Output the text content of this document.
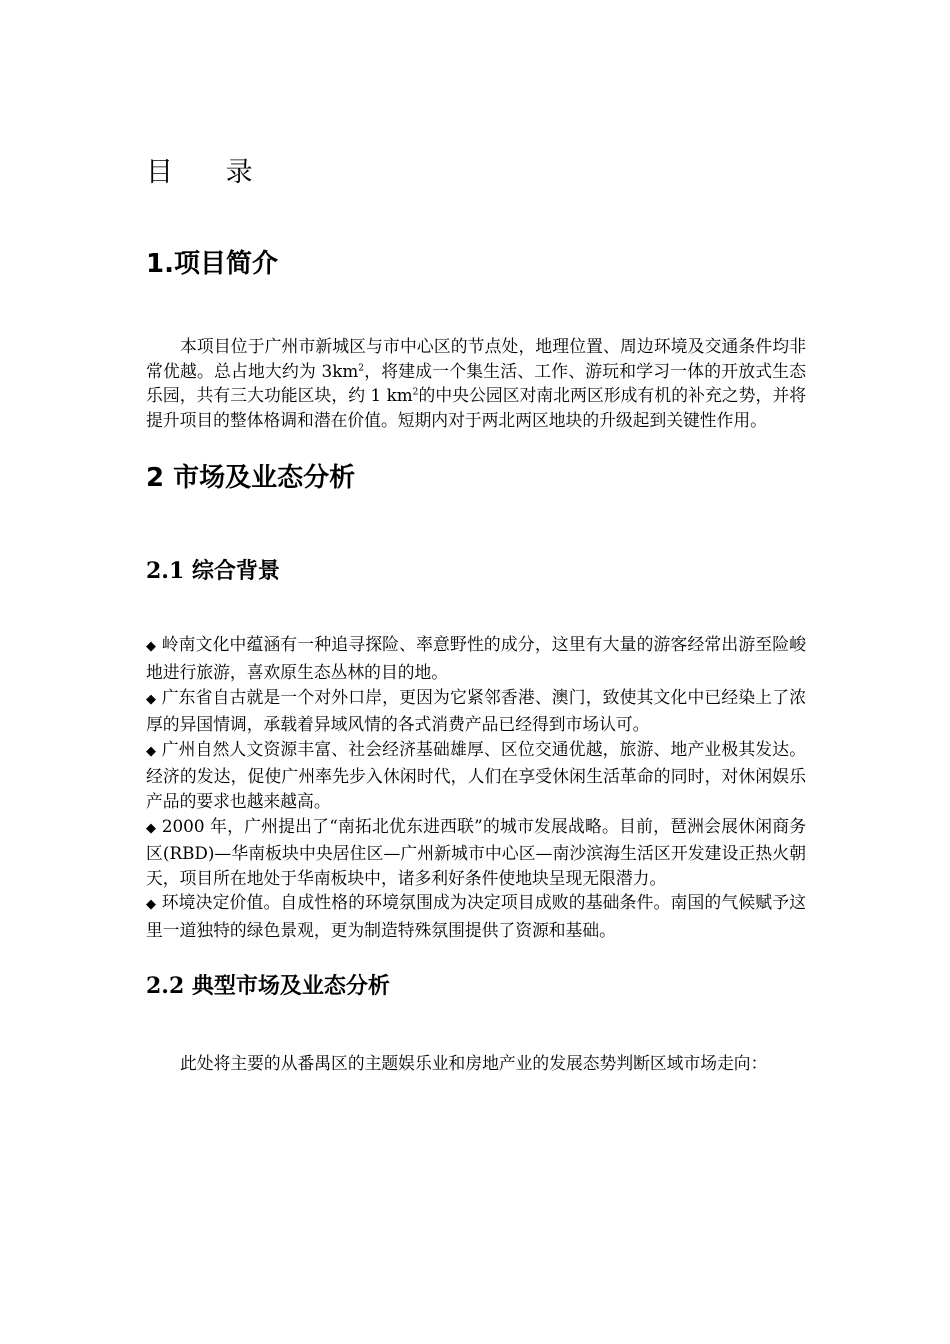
目 录
1.项目简介

本项目位于广州市新城区与市中心区的节点处，地理位置、周边环境及交通条件均非常优越。总占地大约为 $3km^2$，将建成一个集生活、工作、游玩和学习一体的开放式生态乐园，共有三大功能区块，约 1 $km^2$的中央公园区对南北两区形成有机的补充之势，并将提升项目的整体格调和潜在价值。短期内对于两北两区地块的升级起到关键性作用。

2 市场及业态分析
2.1 综合背景
◆ 岭南文化中蕴涵有一种追寻探险、率意野性的成分，这里有大量的游客经常出游至险峻地进行旅游，喜欢原生态丛林的目的地。
◆ 广东省自古就是一个对外口岸，更因为它紧邻香港、澳门，致使其文化中已经染上了浓厚的异国情调，承载着异域风情的各式消费产品已经得到市场认可。
◆ 广州自然人文资源丰富、社会经济基础雄厚、区位交通优越，旅游、地产业极其发达。经济的发达，促使广州率先步入休闲时代，人们在享受休闲生活革命的同时，对休闲娱乐产品的要求也越来越高。
◆ 2000 年，广州提出了“南拓北优东进西联”的城市发展战略。目前，琶洲会展休闲商务区(RBD)—华南板块中央居住区—广州新城市中心区—南沙滨海生活区开发建设正热火朝天，项目所在地处于华南板块中，诸多利好条件使地块呈现无限潜力。
◆ 环境决定价值。自成性格的环境氛围成为决定项目成败的基础条件。南国的气候赋予这里一道独特的绿色景观，更为制造特殊氛围提供了资源和基础。
2.2 典型市场及业态分析

此处将主要的从番禺区的主题娱乐业和房地产业的发展态势判断区域市场走向：
